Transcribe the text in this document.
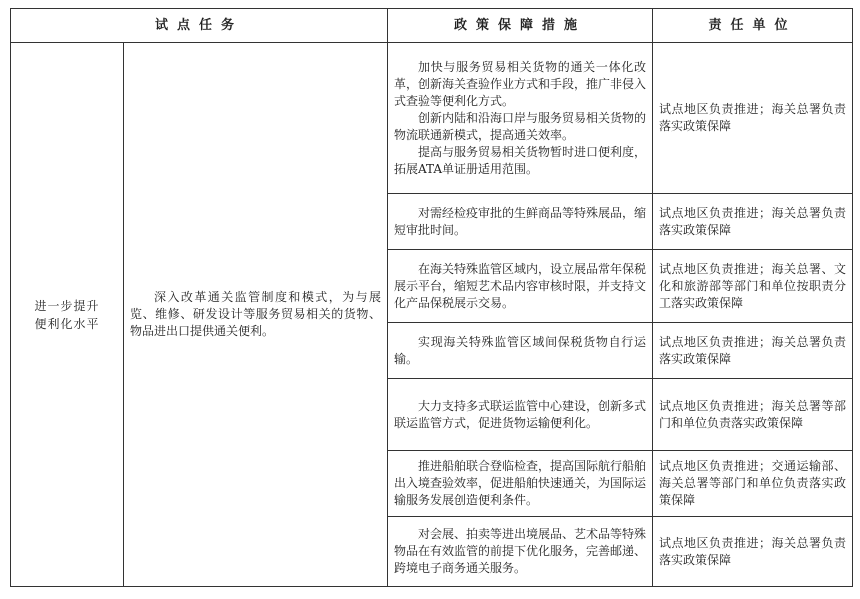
试点任务		政策保障措施	责任单位

进一步提升便利化水平	深入改革通关监管制度和模式，为与展览、维修、研发设计等服务贸易相关的货物、物品进出口提供通关便利。	加快与服务贸易相关货物的通关一体化改革，创新海关查验作业方式和手段，推广非侵入式查验等便利化方式。

创新内陆和沿海口岸与服务贸易相关货物的物流联通新模式，提高通关效率。

提高与服务贸易相关货物暂时进口便利度，拓展ATA单证册适用范围。	试点地区负责推进；海关总署负责落实政策保障

		对需经检疫审批的生鲜商品等特殊展品，缩短审批时间。	试点地区负责推进；海关总署负责落实政策保障

		在海关特殊监管区域内，设立展品常年保税展示平台，缩短艺术品内容审核时限，并支持文化产品保税展示交易。	试点地区负责推进；海关总署、文化和旅游部等部门和单位按职责分工落实政策保障

		实现海关特殊监管区域间保税货物自行运输。	试点地区负责推进；海关总署负责落实政策保障

		大力支持多式联运监管中心建设，创新多式联运监管方式，促进货物运输便利化。	试点地区负责推进；海关总署等部门和单位负责落实政策保障

		推进船舶联合登临检查，提高国际航行船舶出入境查验效率，促进船舶快速通关，为国际运输服务发展创造便利条件。	试点地区负责推进；交通运输部、海关总署等部门和单位负责落实政策保障

		对会展、拍卖等进出境展品、艺术品等特殊物品在有效监管的前提下优化服务，完善邮递、跨境电子商务通关服务。	试点地区负责推进；海关总署负责落实政策保障
